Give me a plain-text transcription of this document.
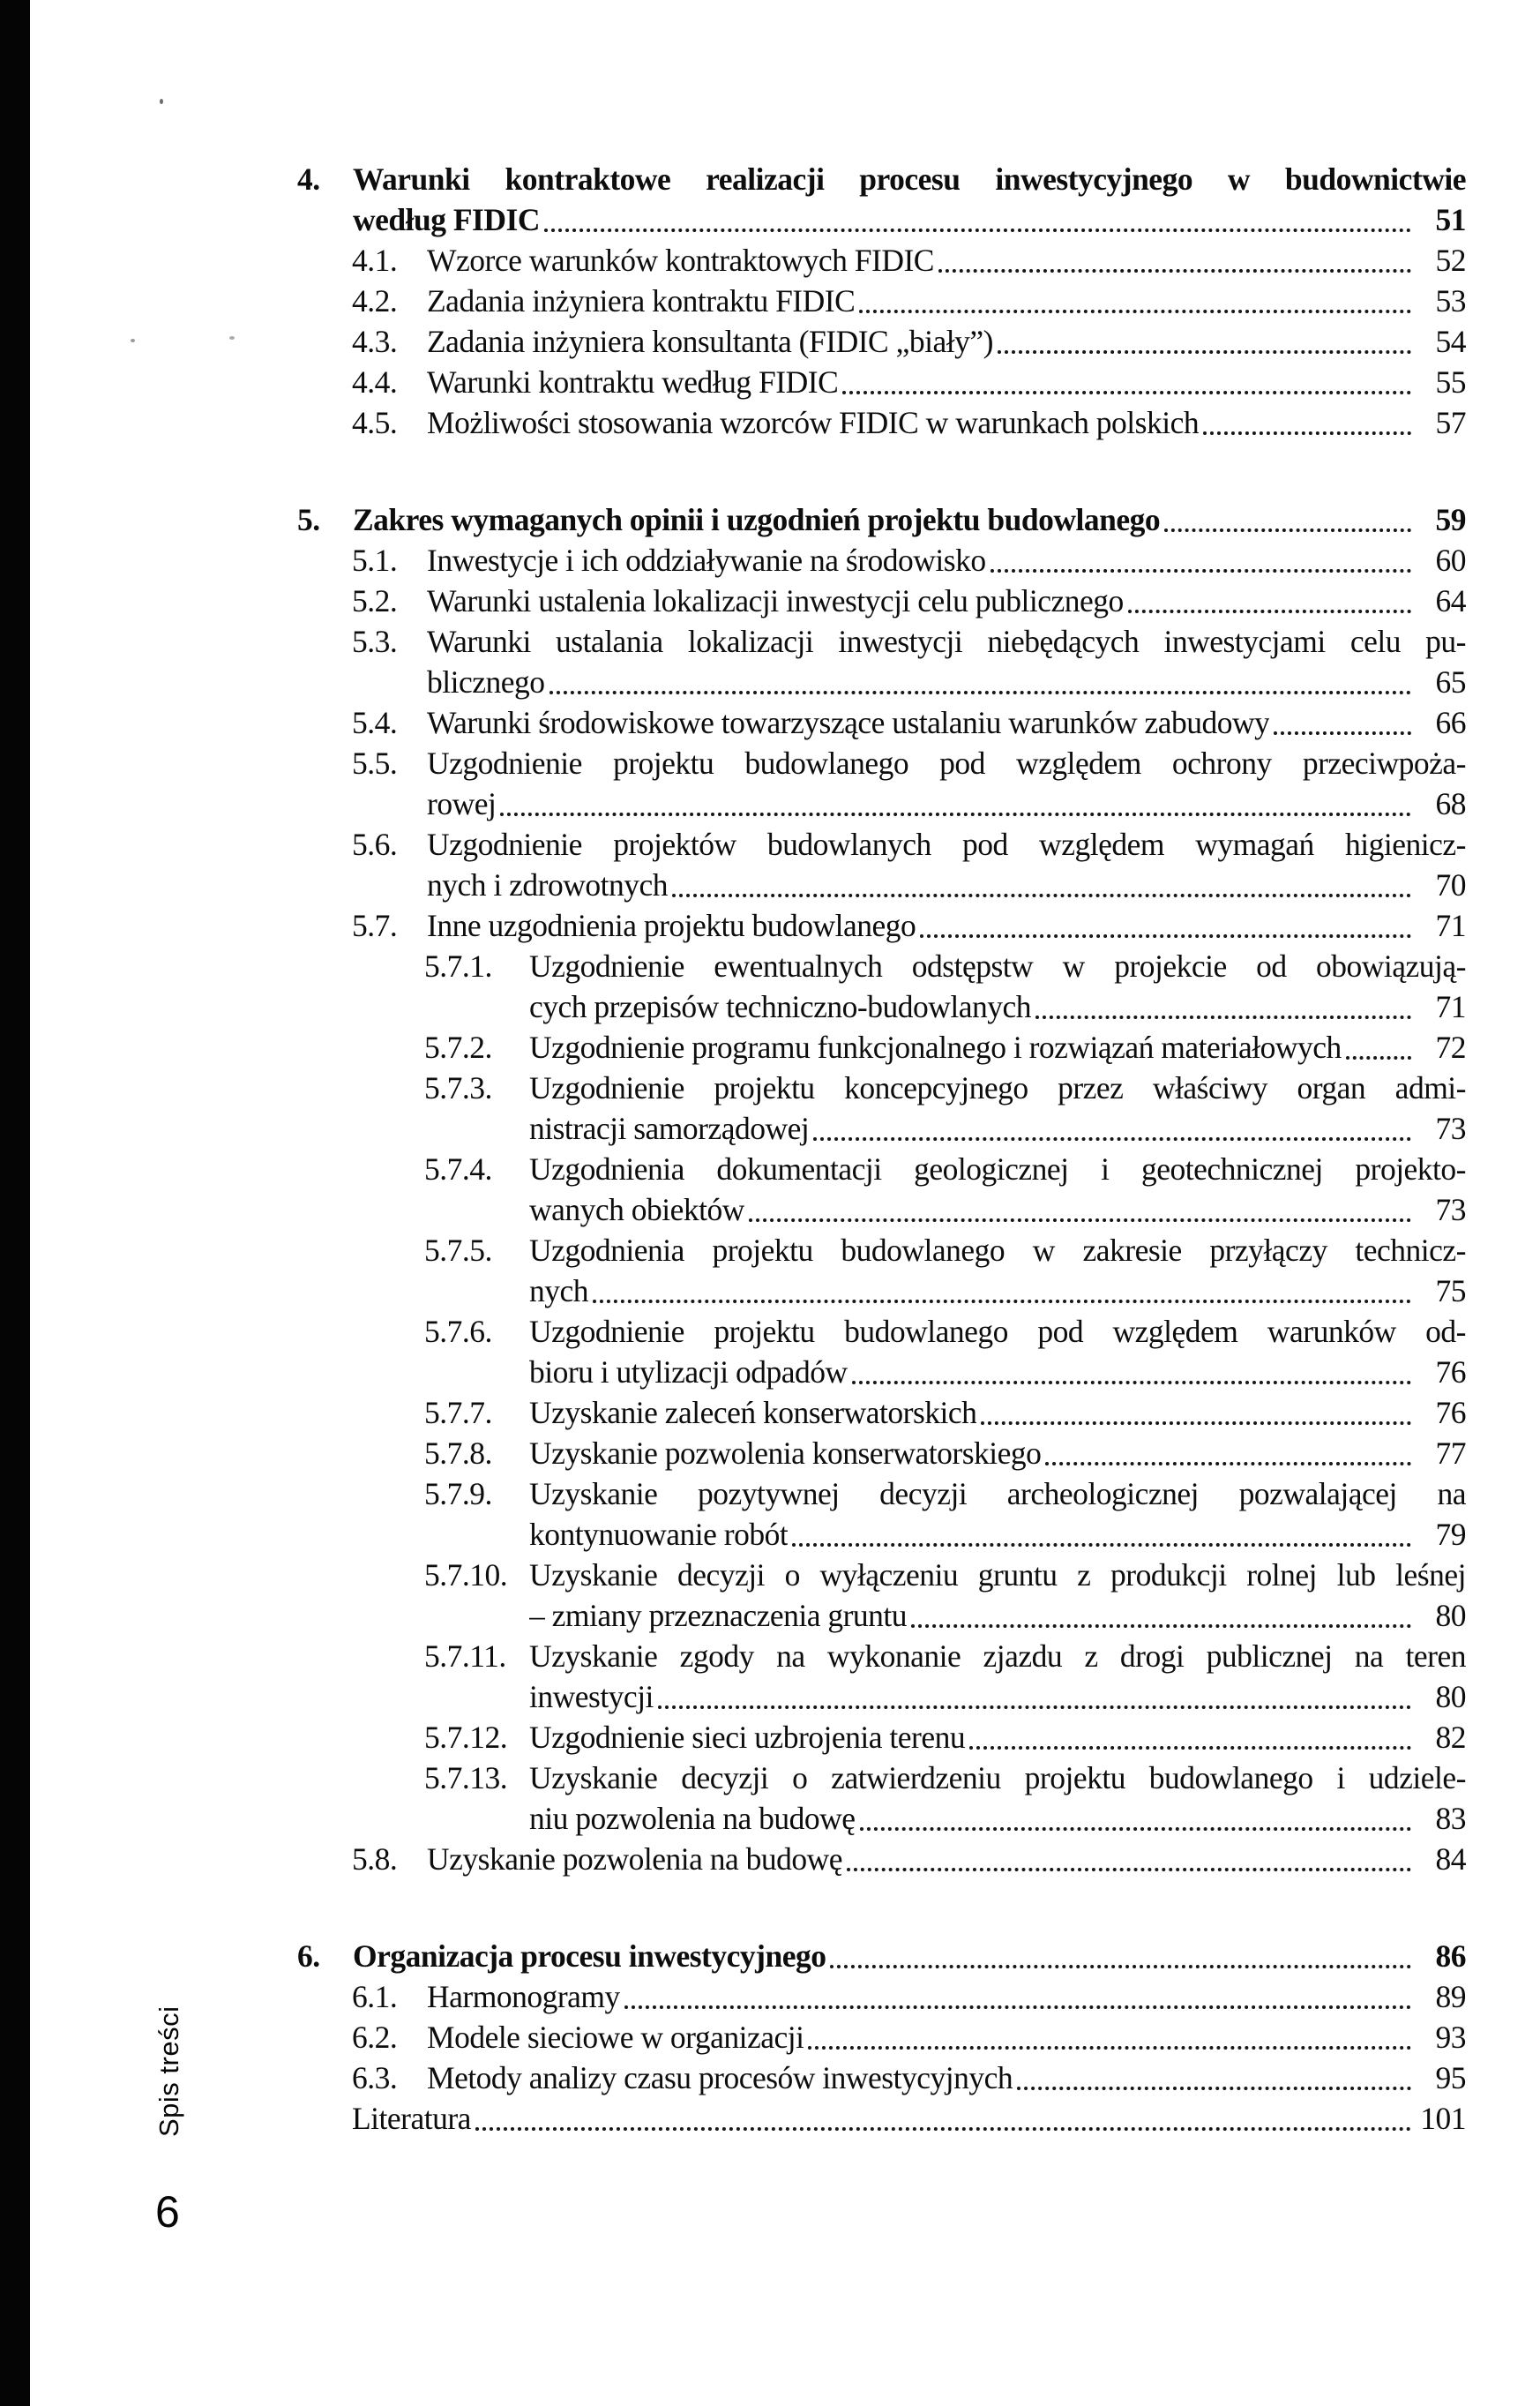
4.	Warunki kontraktowe realizacji procesu inwestycyjnego w budownictwie
według FIDIC	51
4.1. Wzorce warunków kontraktowych FIDIC	52
4.2. Zadania inżyniera kontraktu FIDIC	53
4.3. Zadania inżyniera konsultanta (FIDIC „biały”)	54
4.4. Warunki kontraktu według FIDIC	55
4.5. Możliwości stosowania wzorców FIDIC w warunkach polskich	57
5.	Zakres wymaganych opinii i uzgodnień projektu budowlanego	59
5.1. Inwestycje i ich oddziaływanie na środowisko	60
5.2. Warunki ustalenia lokalizacji inwestycji celu publicznego	64
5.3. Warunki ustalania lokalizacji inwestycji niebędących inwestycjami celu pu-
blicznego	65
5.4. Warunki środowiskowe towarzyszące ustalaniu warunków zabudowy	66
5.5. Uzgodnienie projektu budowlanego pod względem ochrony przeciwpoża-
rowej	68
5.6. Uzgodnienie projektów budowlanych pod względem wymagań higienicz-
nych i zdrowotnych	70
5.7. Inne uzgodnienia projektu budowlanego	71
5.7.1.	Uzgodnienie ewentualnych odstępstw w projekcie od obowiązują-
cych przepisów techniczno-budowlanych	71
5.7.2.	Uzgodnienie programu funkcjonalnego i rozwiązań materiałowych	72
5.7.3.	Uzgodnienie projektu koncepcyjnego przez właściwy organ admi-
nistracji samorządowej	73
5.7.4.	Uzgodnienia dokumentacji geologicznej i geotechnicznej projekto-
wanych obiektów	73
5.7.5.	Uzgodnienia projektu budowlanego w zakresie przyłączy technicz-
nych	75
5.7.6.	Uzgodnienie projektu budowlanego pod względem warunków od-
bioru i utylizacji odpadów	76
5.7.7.	Uzyskanie zaleceń konserwatorskich	76
5.7.8.	Uzyskanie pozwolenia konserwatorskiego	77
5.7.9.	Uzyskanie pozytywnej decyzji archeologicznej pozwalającej na
kontynuowanie robót	79
5.7.10. Uzyskanie decyzji o wyłączeniu gruntu z produkcji rolnej lub leśnej
– zmiany przeznaczenia gruntu	80
5.7.11. Uzyskanie zgody na wykonanie zjazdu z drogi publicznej na teren
inwestycji	80
5.7.12. Uzgodnienie sieci uzbrojenia terenu	82
5.7.13. Uzyskanie decyzji o zatwierdzeniu projektu budowlanego i udziele-
niu pozwolenia na budowę	83
5.8. Uzyskanie pozwolenia na budowę	84
6.	Organizacja procesu inwestycyjnego	86
6.1. Harmonogramy	89
6.2. Modele sieciowe w organizacji	93
6.3. Metody analizy czasu procesów inwestycyjnych	95
Literatura	101
Spis treści
6
